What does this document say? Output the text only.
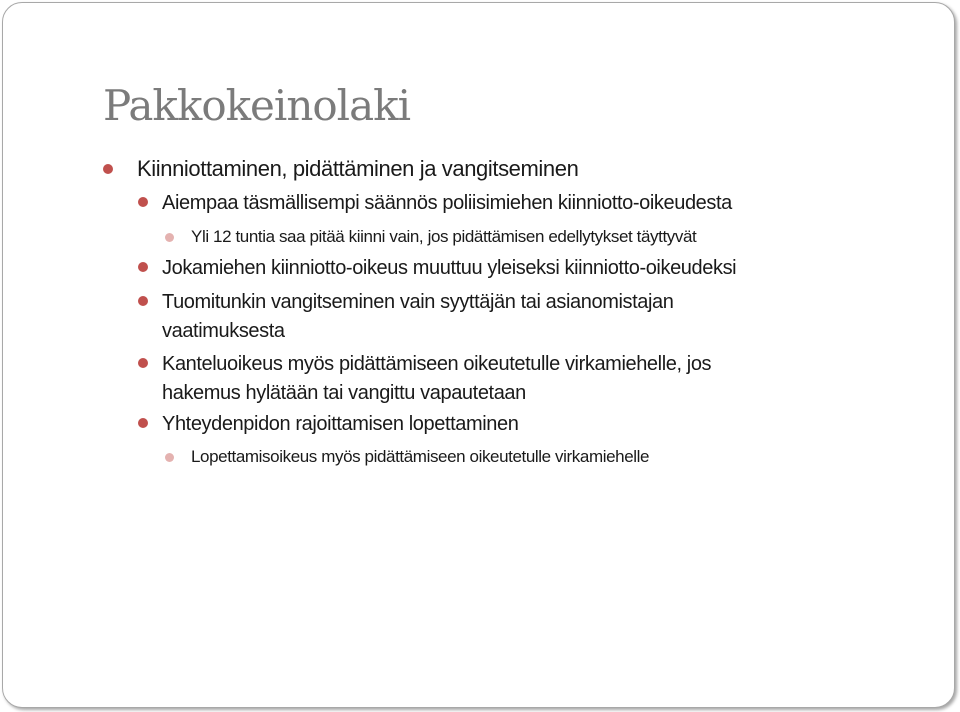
Pakkokeinolaki
Kiinniottaminen, pidättäminen ja vangitseminen
Aiempaa täsmällisempi säännös poliisimiehen kiinniotto-oikeudesta
Yli 12 tuntia saa pitää kiinni vain, jos pidättämisen edellytykset täyttyvät
Jokamiehen kiinniotto-oikeus muuttuu yleiseksi kiinniotto-oikeudeksi
Tuomitunkin vangitseminen vain syyttäjän tai asianomistajan
vaatimuksesta
Kanteluoikeus myös pidättämiseen oikeutetulle virkamiehelle, jos
hakemus hylätään tai vangittu vapautetaan
Yhteydenpidon rajoittamisen lopettaminen
Lopettamisoikeus myös pidättämiseen oikeutetulle virkamiehelle
